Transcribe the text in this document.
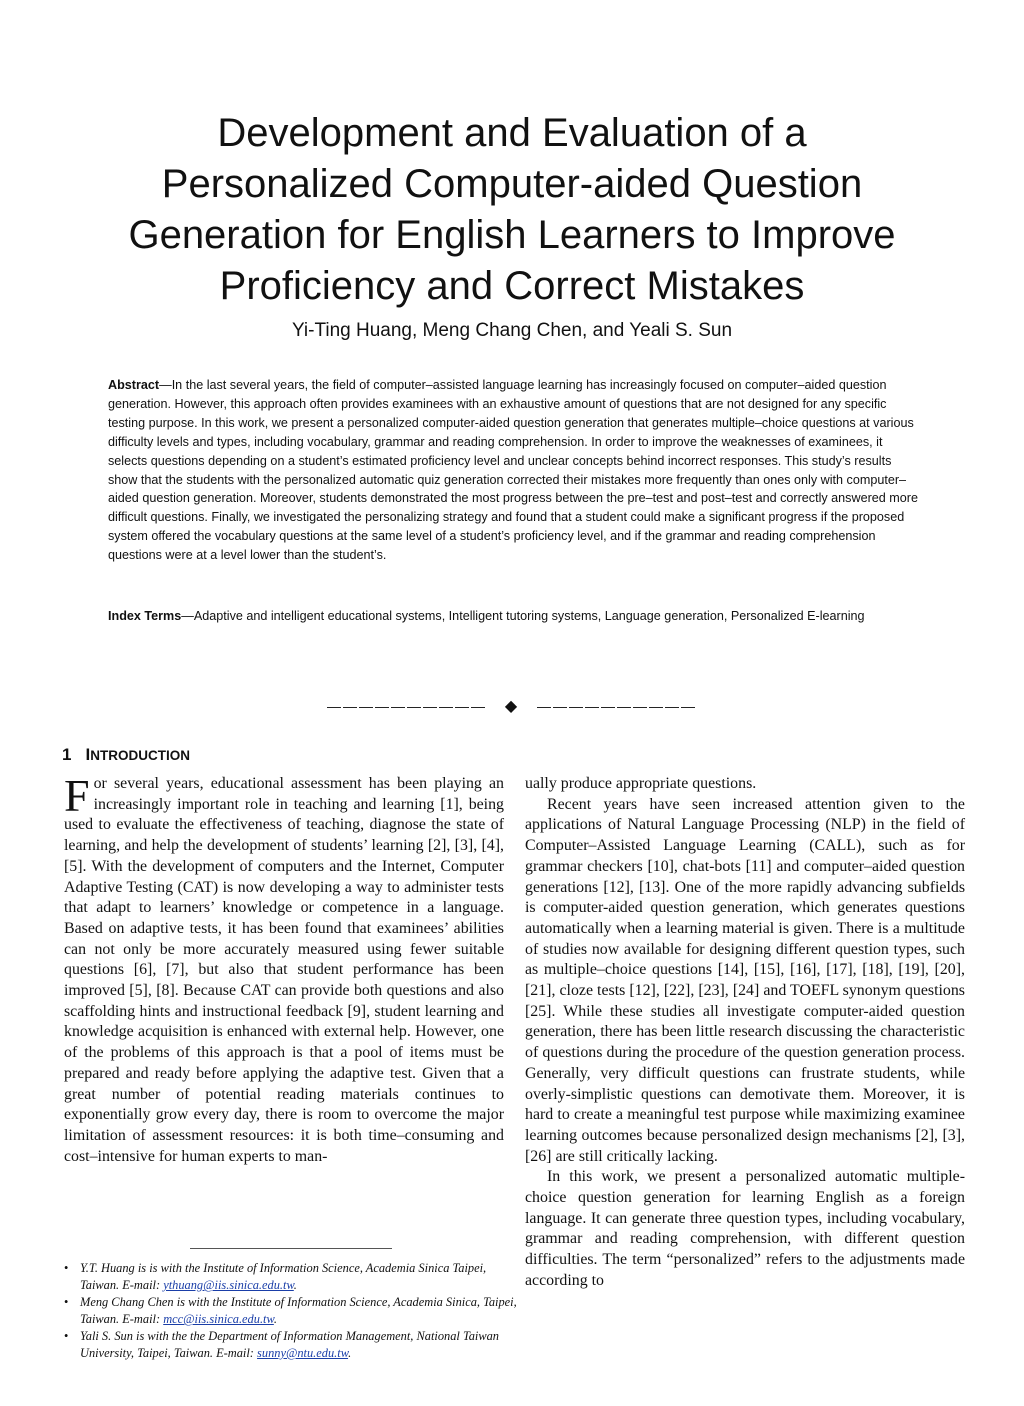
Development and Evaluation of a
Personalized Computer-aided Question
Generation for English Learners to Improve
Proficiency and Correct Mistakes
Yi-Ting Huang, Meng Chang Chen, and Yeali S. Sun

Abstract—In the last several years, the field of computer–assisted language learning has increasingly focused on computer–aided question generation. However, this approach often provides examinees with an exhaustive amount of questions that are not designed for any specific testing purpose. In this work, we present a personalized computer-aided question generation that generates multiple–choice questions at various difficulty levels and types, including vocabulary, grammar and reading comprehension. In order to improve the weaknesses of examinees, it selects questions depending on a student’s estimated proficiency level and unclear concepts behind incorrect responses. This study’s results show that the students with the personalized automatic quiz generation corrected their mistakes more frequently than ones only with computer–aided question generation. Moreover, students demonstrated the most progress between the pre–test and post–test and correctly answered more difficult questions. Finally, we investigated the personalizing strategy and found that a student could make a significant progress if the proposed system offered the vocabulary questions at the same level of a student’s proficiency level, and if the grammar and reading comprehension questions were at a level lower than the student’s.

Index Terms—Adaptive and intelligent educational systems, Intelligent tutoring systems, Language generation, Personalized E-learning

—————————— ◆ ——————————
1 INTRODUCTION

For several years, educational assessment has been playing an increasingly important role in teaching and learning [1], being used to evaluate the effectiveness of teaching, diagnose the state of learning, and help the development of students’ learning [2], [3], [4], [5]. With the development of computers and the Internet, Computer Adaptive Testing (CAT) is now developing a way to administer tests that adapt to learners’ knowledge or competence in a language. Based on adaptive tests, it has been found that examinees’ abilities can not only be more accurately measured using fewer suitable questions [6], [7], but also that student performance has been improved [5], [8]. Because CAT can provide both questions and also scaffolding hints and instructional feedback [9], student learning and knowledge acquisition is enhanced with external help. However, one of the problems of this approach is that a pool of items must be prepared and ready before applying the adaptive test. Given that a great number of potential reading materials continues to exponentially grow every day, there is room to overcome the major limitation of assessment resources: it is both time–consuming and cost–intensive for human experts to man-

ually produce appropriate questions.

Recent years have seen increased attention given to the applications of Natural Language Processing (NLP) in the field of Computer–Assisted Language Learning (CALL), such as for grammar checkers [10], chat-bots [11] and computer–aided question generations [12], [13]. One of the more rapidly advancing subfields is computer-aided question generation, which generates questions automatically when a learning material is given. There is a multitude of studies now available for designing different question types, such as multiple–choice questions [14], [15], [16], [17], [18], [19], [20], [21], cloze tests [12], [22], [23], [24] and TOEFL synonym questions [25]. While these studies all investigate computer-aided question generation, there has been little research discussing the characteristic of questions during the procedure of the question generation process. Generally, very difficult questions can frustrate students, while overly-simplistic questions can demotivate them. Moreover, it is hard to create a meaningful test purpose while maximizing examinee learning outcomes because personalized design mechanisms [2], [3], [26] are still critically lacking.

In this work, we present a personalized automatic multiple-choice question generation for learning English as a foreign language. It can generate three question types, including vocabulary, grammar and reading comprehension, with different question difficulties. The term “personalized” refers to the adjustments made according to

• Y.T. Huang is is with the Institute of Information Science, Academia Sinica Taipei, Taiwan. E-mail: ythuang@iis.sinica.edu.tw.
• Meng Chang Chen is with the Institute of Information Science, Academia Sinica, Taipei, Taiwan. E-mail: mcc@iis.sinica.edu.tw.
• Yali S. Sun is with the the Department of Information Management, National Taiwan University, Taipei, Taiwan. E-mail: sunny@ntu.edu.tw.
